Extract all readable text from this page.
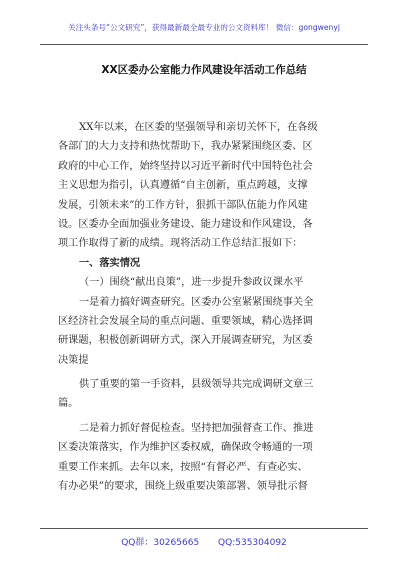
关注头条号“公文研究”，获得最新最全最专业的公文资料库！ 微信：gongwenyj
XX区委办公室能力作风建设年活动工作总结
XX年以来，在区委的坚强领导和亲切关怀下，在各级
各部门的大力支持和热忱帮助下，我办紧紧围绕区委、区
政府的中心工作，始终坚持以习近平新时代中国特色社会
主义思想为指引，认真遵循“自主创新，重点跨越，支撑
发展，引领未来”的工作方针，狠抓干部队伍能力作风建
设。区委办全面加强业务建设、能力建设和作风建设，各
项工作取得了新的成绩。现将活动工作总结汇报如下：
一、落实情况
（一）围绕“献出良策”，进一步提升参政议课水平
一是着力搞好调查研究。区委办公室紧紧围绕事关全
区经济社会发展全局的重点问题、重要领域，精心选择调
研课题，积极创新调研方式，深入开展调查研究，为区委
决策提
供了重要的第一手资料，县级领导共完成调研文章三
篇。
二是着力抓好督促检查。坚持把加强督查工作、推进
区委决策落实，作为维护区委权威，确保政令畅通的一项
重要工作来抓。去年以来，按照“有督必严、有查必实、
有办必果”的要求，围绕上级重要决策部署、领导批示督
QQ群：30265665 QQ:535304092
